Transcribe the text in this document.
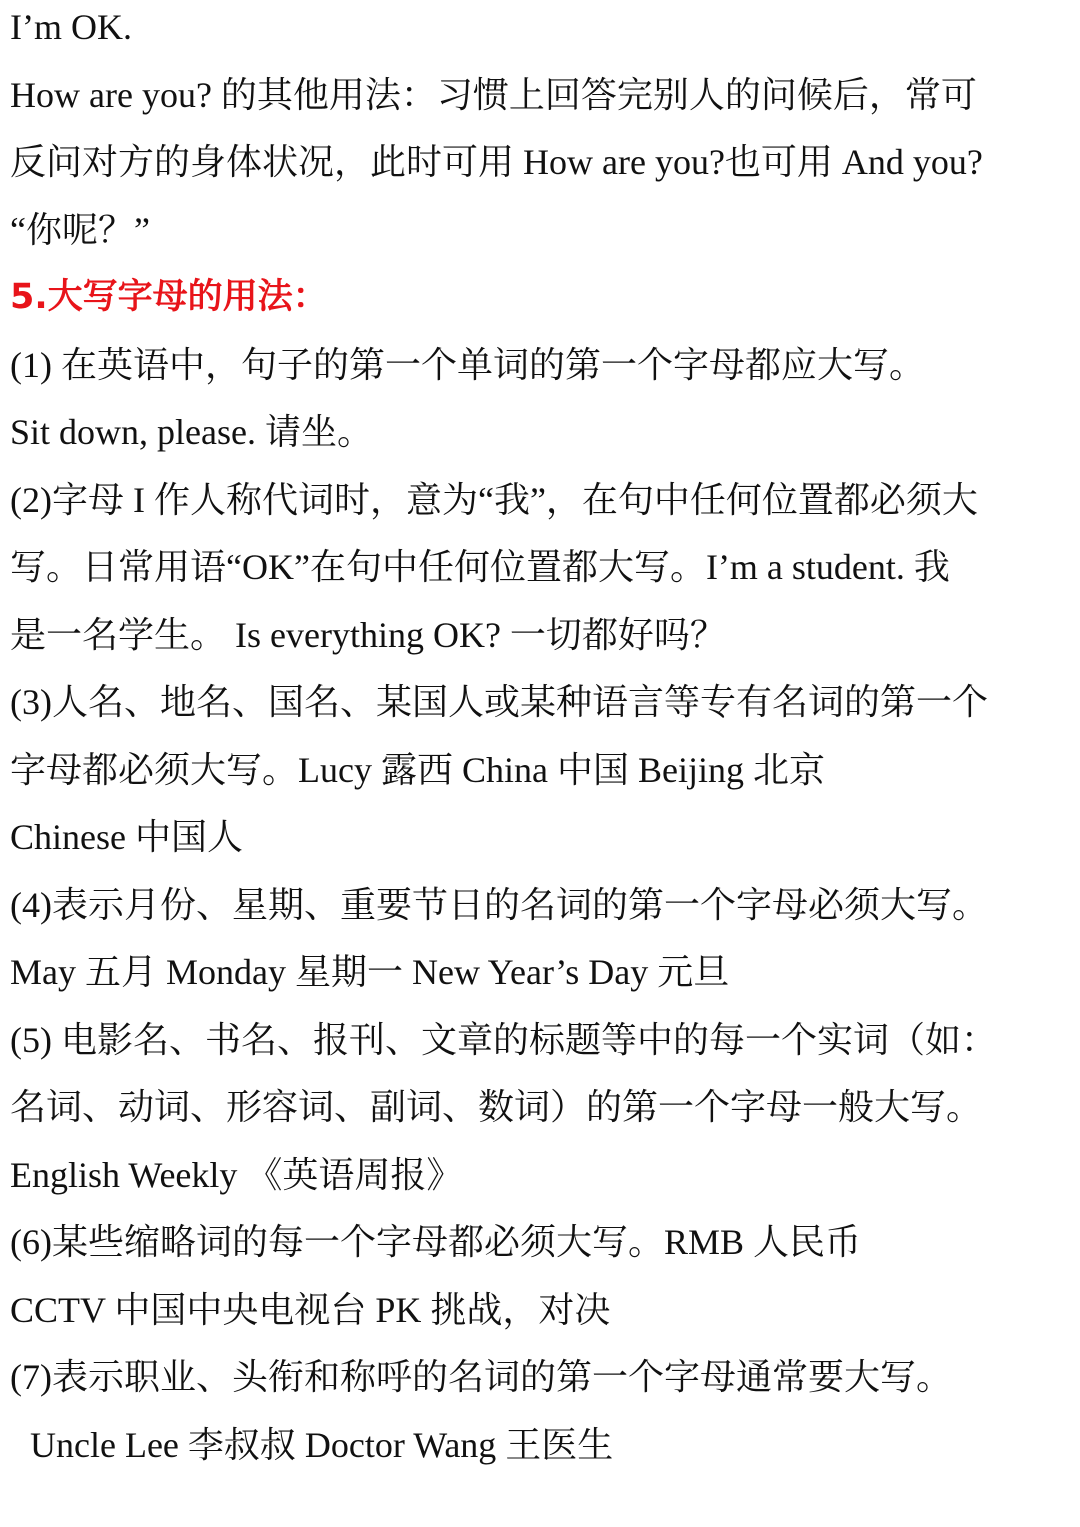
I’m OK.
How are you? 的其他用法：习惯上回答完别人的问候后，常可
反问对方的身体状况，此时可用 How are you?也可用 And you?
“你呢？”
5.大写字母的用法：
(1) 在英语中，句子的第一个单词的第一个字母都应大写。
Sit down, please. 请坐。
(2)字母 I 作人称代词时，意为“我”，在句中任何位置都必须大
写。日常用语“OK”在句中任何位置都大写。I’m a student. 我
是一名学生。 Is everything OK? 一切都好吗？
(3)人名、地名、国名、某国人或某种语言等专有名词的第一个
字母都必须大写。Lucy 露西 China 中国 Beijing 北京
Chinese 中国人
(4)表示月份、星期、重要节日的名词的第一个字母必须大写。
May 五月 Monday 星期一 New Year’s Day 元旦
(5) 电影名、书名、报刊、文章的标题等中的每一个实词（如：
名词、动词、形容词、副词、数词）的第一个字母一般大写。
English Weekly 《英语周报》
(6)某些缩略词的每一个字母都必须大写。RMB 人民币
CCTV 中国中央电视台 PK 挑战，对决
(7)表示职业、头衔和称呼的名词的第一个字母通常要大写。
Uncle Lee 李叔叔 Doctor Wang 王医生
